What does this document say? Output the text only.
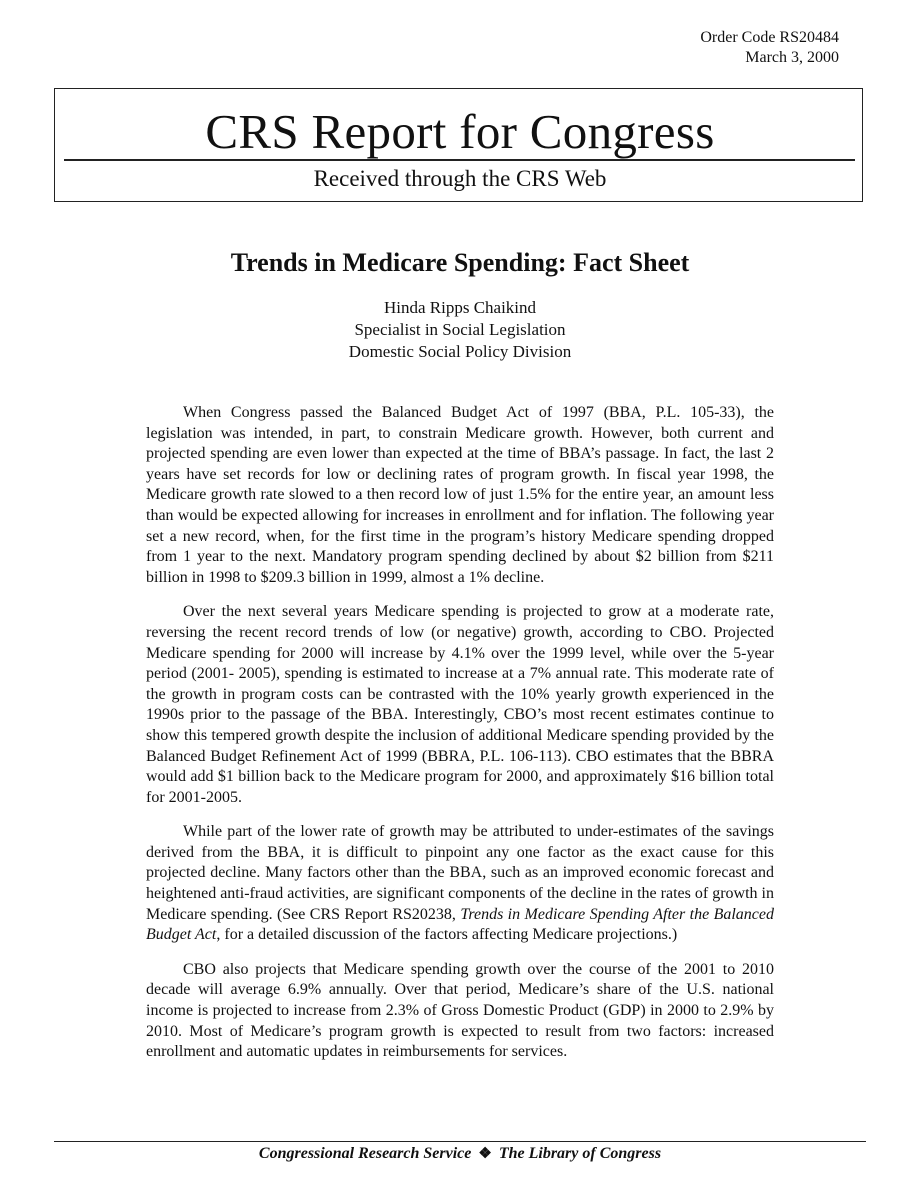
Order Code RS20484
March 3, 2000
CRS Report for Congress
Received through the CRS Web
Trends in Medicare Spending: Fact Sheet
Hinda Ripps Chaikind
Specialist in Social Legislation
Domestic Social Policy Division

When Congress passed the Balanced Budget Act of 1997 (BBA, P.L. 105-33), the legislation was intended, in part, to constrain Medicare growth. However, both current and projected spending are even lower than expected at the time of BBA’s passage. In fact, the last 2 years have set records for low or declining rates of program growth. In fiscal year 1998, the Medicare growth rate slowed to a then record low of just 1.5% for the entire year, an amount less than would be expected allowing for increases in enrollment and for inflation. The following year set a new record, when, for the first time in the program’s history Medicare spending dropped from 1 year to the next. Mandatory program spending declined by about $2 billion from $211 billion in 1998 to $209.3 billion in 1999, almost a 1% decline.

Over the next several years Medicare spending is projected to grow at a moderate rate, reversing the recent record trends of low (or negative) growth, according to CBO. Projected Medicare spending for 2000 will increase by 4.1% over the 1999 level, while over the 5-year period (2001- 2005), spending is estimated to increase at a 7% annual rate. This moderate rate of the growth in program costs can be contrasted with the 10% yearly growth experienced in the 1990s prior to the passage of the BBA. Interestingly, CBO’s most recent estimates continue to show this tempered growth despite the inclusion of additional Medicare spending provided by the Balanced Budget Refinement Act of 1999 (BBRA, P.L. 106-113). CBO estimates that the BBRA would add $1 billion back to the Medicare program for 2000, and approximately $16 billion total for 2001-2005.

While part of the lower rate of growth may be attributed to under-estimates of the savings derived from the BBA, it is difficult to pinpoint any one factor as the exact cause for this projected decline. Many factors other than the BBA, such as an improved economic forecast and heightened anti-fraud activities, are significant components of the decline in the rates of growth in Medicare spending. (See CRS Report RS20238, Trends in Medicare Spending After the Balanced Budget Act, for a detailed discussion of the factors affecting Medicare projections.)

CBO also projects that Medicare spending growth over the course of the 2001 to 2010 decade will average 6.9% annually. Over that period, Medicare’s share of the U.S. national income is projected to increase from 2.3% of Gross Domestic Product (GDP) in 2000 to 2.9% by 2010. Most of Medicare’s program growth is expected to result from two factors: increased enrollment and automatic updates in reimbursements for services.

Congressional Research Service ❖ The Library of Congress
